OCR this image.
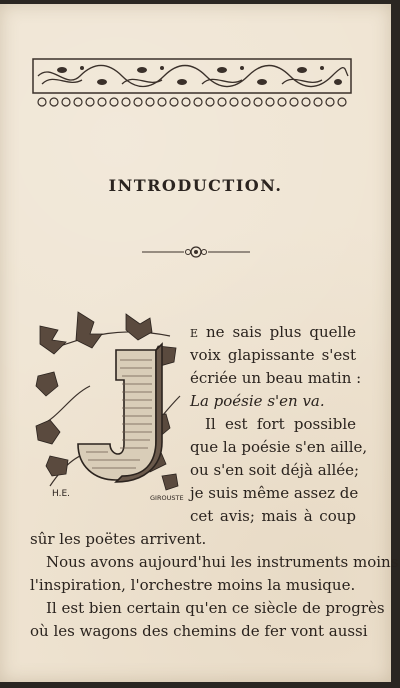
INTRODUCTION.
H.E.	GIROUSTE
E ne sais plus quelle
voix glapissante s'est
écriée un beau matin :
La poésie s'en va.
Il est fort possible
que la poésie s'en aille,
ou s'en soit déjà allée;
je suis même assez de
cet avis; mais à coup
sûr les poëtes arrivent.
Nous avons aujourd'hui les instruments moins
l'inspiration, l'orchestre moins la musique.
Il est bien certain qu'en ce siècle de progrès
où les wagons des chemins de fer vont aussi
